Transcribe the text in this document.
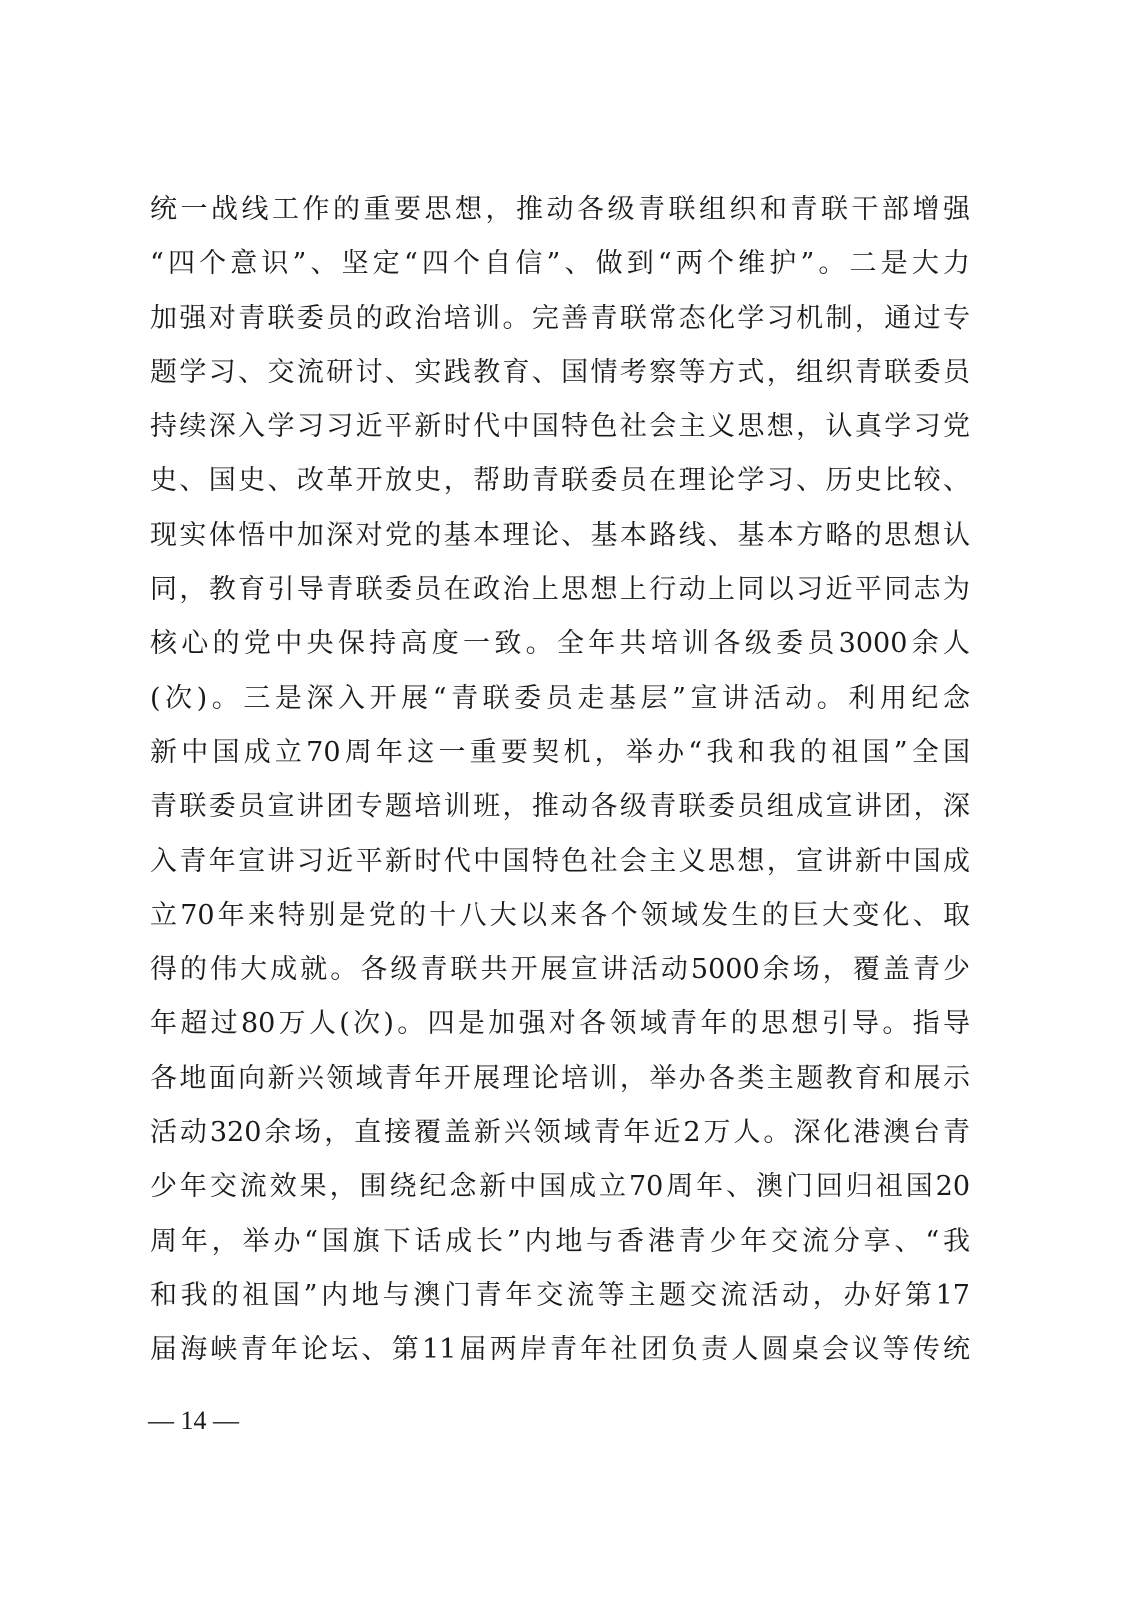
统一战线工作的重要思想，推动各级青联组织和青联干部增强
“四个意识”、坚定“四个自信”、做到“两个维护”。二是大力
加强对青联委员的政治培训。完善青联常态化学习机制，通过专
题学习、交流研讨、实践教育、国情考察等方式，组织青联委员
持续深入学习习近平新时代中国特色社会主义思想，认真学习党
史、国史、改革开放史，帮助青联委员在理论学习、历史比较、
现实体悟中加深对党的基本理论、基本路线、基本方略的思想认
同，教育引导青联委员在政治上思想上行动上同以习近平同志为
核心的党中央保持高度一致。全年共培训各级委员3000余人
(次)。三是深入开展“青联委员走基层”宣讲活动。利用纪念
新中国成立70周年这一重要契机，举办“我和我的祖国”全国
青联委员宣讲团专题培训班，推动各级青联委员组成宣讲团，深
入青年宣讲习近平新时代中国特色社会主义思想，宣讲新中国成
立70年来特别是党的十八大以来各个领域发生的巨大变化、取
得的伟大成就。各级青联共开展宣讲活动5000余场，覆盖青少
年超过80万人(次)。四是加强对各领域青年的思想引导。指导
各地面向新兴领域青年开展理论培训，举办各类主题教育和展示
活动320余场，直接覆盖新兴领域青年近2万人。深化港澳台青
少年交流效果，围绕纪念新中国成立70周年、澳门回归祖国20
周年，举办“国旗下话成长”内地与香港青少年交流分享、“我
和我的祖国”内地与澳门青年交流等主题交流活动，办好第17
届海峡青年论坛、第11届两岸青年社团负责人圆桌会议等传统
— 14 —
